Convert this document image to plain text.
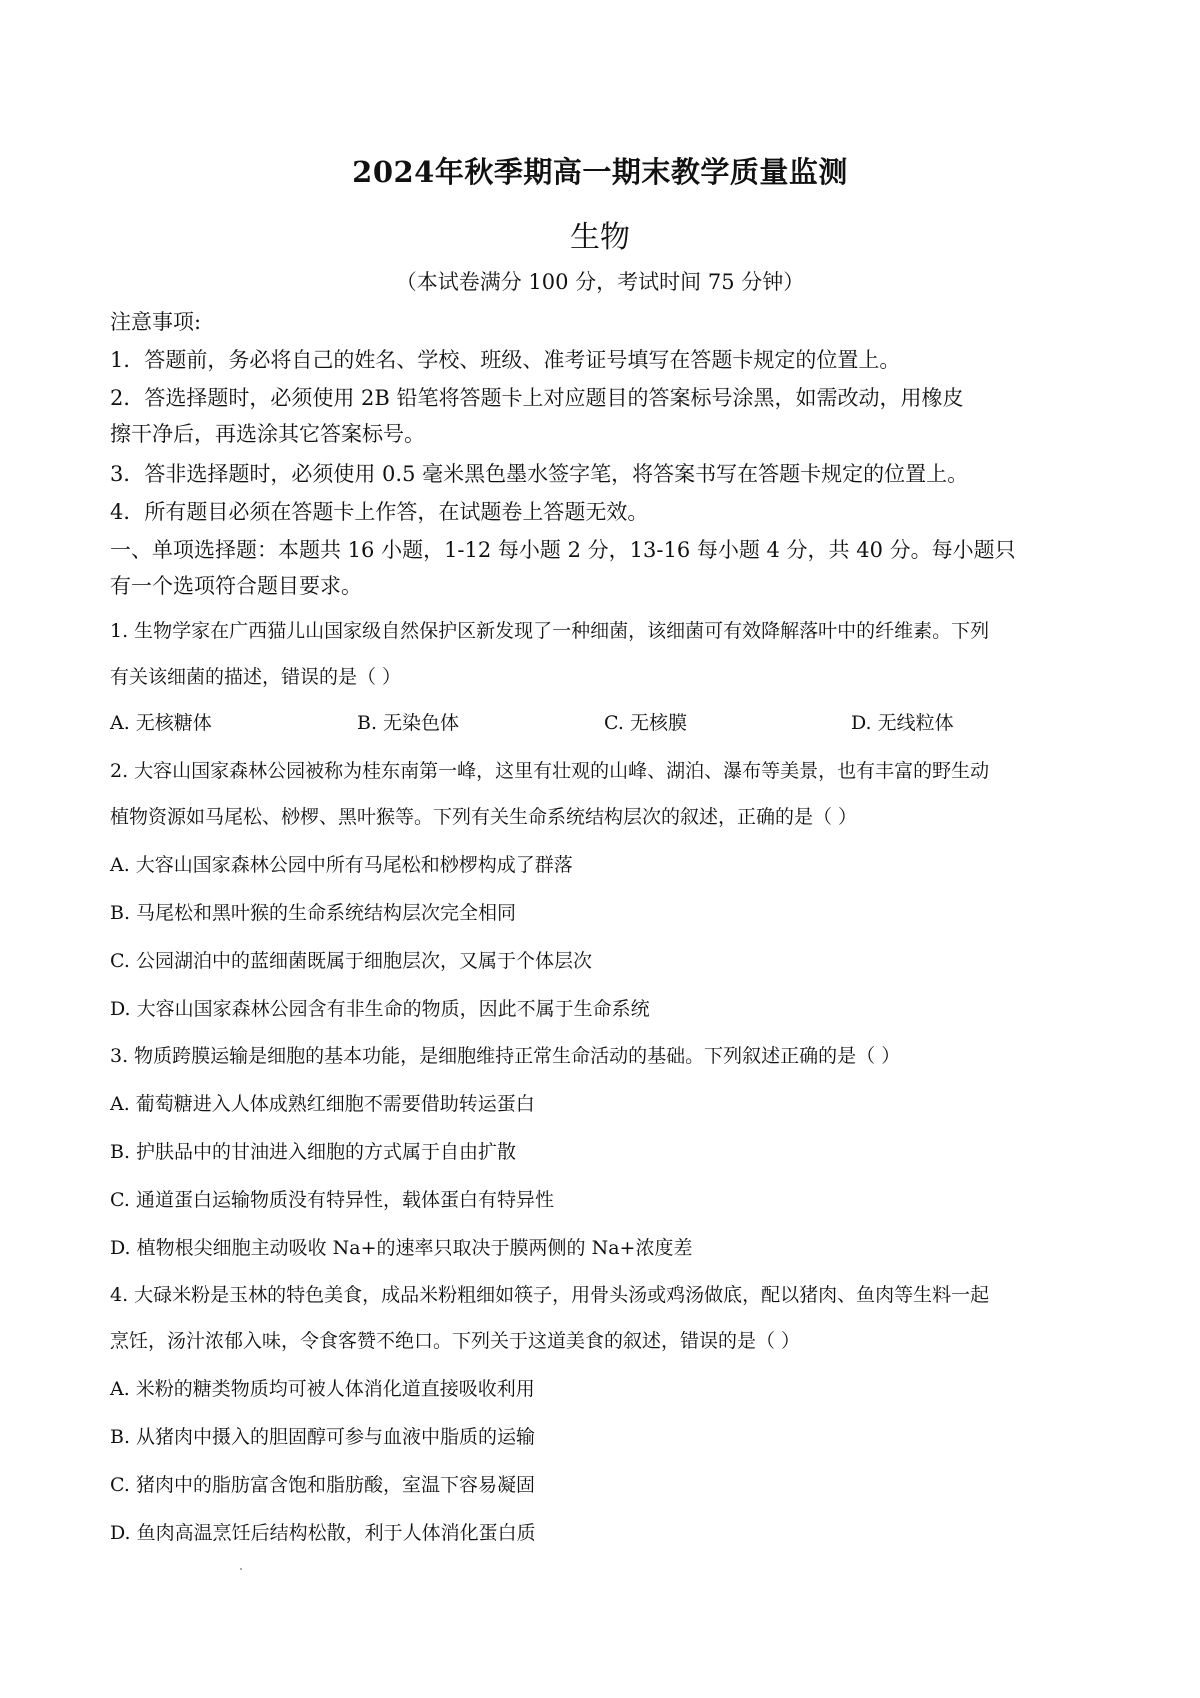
2024年秋季期高一期末教学质量监测
生物
（本试卷满分 100 分，考试时间 75 分钟）
注意事项:
1．答题前，务必将自己的姓名、学校、班级、准考证号填写在答题卡规定的位置上。
2．答选择题时，必须使用 2B 铅笔将答题卡上对应题目的答案标号涂黑，如需改动，用橡皮
擦干净后，再选涂其它答案标号。
3．答非选择题时，必须使用 0.5 毫米黑色墨水签字笔，将答案书写在答题卡规定的位置上。
4．所有题目必须在答题卡上作答，在试题卷上答题无效。
一、单项选择题：本题共 16 小题，1-12 每小题 2 分，13-16 每小题 4 分，共 40 分。每小题只
有一个选项符合题目要求。
1. 生物学家在广西猫儿山国家级自然保护区新发现了一种细菌，该细菌可有效降解落叶中的纤维素。下列
有关该细菌的描述，错误的是（ ）
A. 无核糖体	B. 无染色体	C. 无核膜	D. 无线粒体
2. 大容山国家森林公园被称为桂东南第一峰，这里有壮观的山峰、湖泊、瀑布等美景，也有丰富的野生动
植物资源如马尾松、桫椤、黑叶猴等。下列有关生命系统结构层次的叙述，正确的是（ ）
A. 大容山国家森林公园中所有马尾松和桫椤构成了群落
B. 马尾松和黑叶猴的生命系统结构层次完全相同
C. 公园湖泊中的蓝细菌既属于细胞层次，又属于个体层次
D. 大容山国家森林公园含有非生命的物质，因此不属于生命系统
3. 物质跨膜运输是细胞的基本功能，是细胞维持正常生命活动的基础。下列叙述正确的是（ ）
A. 葡萄糖进入人体成熟红细胞不需要借助转运蛋白
B. 护肤品中的甘油进入细胞的方式属于自由扩散
C. 通道蛋白运输物质没有特异性，载体蛋白有特异性
D. 植物根尖细胞主动吸收 Na+的速率只取决于膜两侧的 Na+浓度差
4. 大碌米粉是玉林的特色美食，成品米粉粗细如筷子，用骨头汤或鸡汤做底，配以猪肉、鱼肉等生料一起
烹饪，汤汁浓郁入味，令食客赞不绝口。下列关于这道美食的叙述，错误的是（ ）
A. 米粉的糖类物质均可被人体消化道直接吸收利用
B. 从猪肉中摄入的胆固醇可参与血液中脂质的运输
C. 猪肉中的脂肪富含饱和脂肪酸，室温下容易凝固
D. 鱼肉高温烹饪后结构松散，利于人体消化蛋白质
